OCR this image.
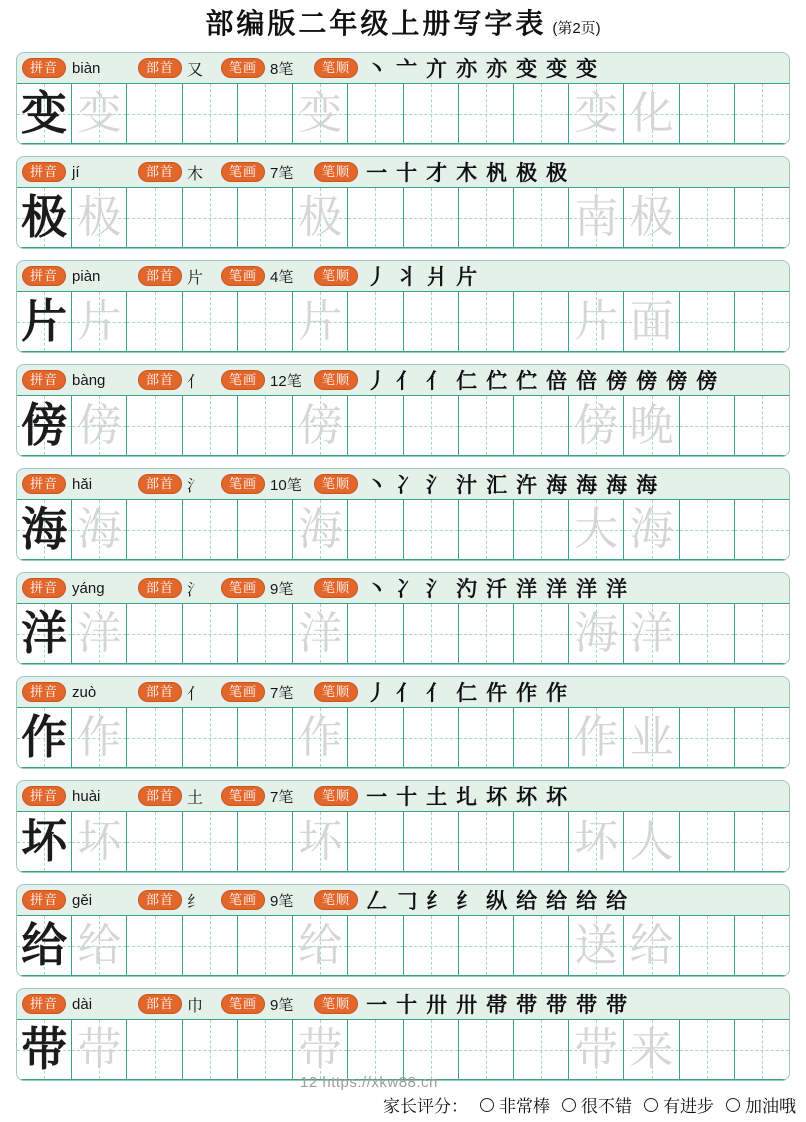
部编版二年级上册写字表 (第2页)
拼音 biàn	部首 又	笔画 8笔	笔顺 丶 亠 亣 亦 亦 变 变 变
变 变	变	变 化
拼音 jí	部首 木	笔画 7笔	笔顺 一 十 才 木 杋 极 极
极 极	极	南 极
拼音 piàn	部首 片	笔画 4笔	笔顺 丿 丬 爿 片
片 片	片	片 面
拼音 bàng	部首 亻	笔画 12笔	笔顺 丿 亻 亻 仁 伫 伫 倍 倍 傍 傍 傍 傍
傍 傍	傍	傍 晚
拼音 hǎi	部首 氵	笔画 10笔	笔顺 丶 冫 氵 汁 汇 汻 海 海 海 海
海 海	海	大 海
拼音 yáng	部首 氵	笔画 9笔	笔顺 丶 冫 氵 汋 汘 洋 洋 洋 洋
洋 洋	洋	海 洋
拼音 zuò	部首 亻	笔画 7笔	笔顺 丿 亻 亻 仁 仵 作 作
作 作	作	作 业
拼音 huài	部首 土	笔画 7笔	笔顺 一 十 土 圠 坏 坏 坏
坏 坏	坏	坏 人
拼音 gěi	部首 纟	笔画 9笔	笔顺 𠃋 𠃌 纟 纟 纵 给 给 给 给
给 给	给	送 给
拼音 dài	部首 巾	笔画 9笔	笔顺 一 十 卅 卅 帯 带 带 带 带
带 带	带	带 来
12 https://xkw88.cn
家长评分： 非常棒 很不错 有进步 加油哦
